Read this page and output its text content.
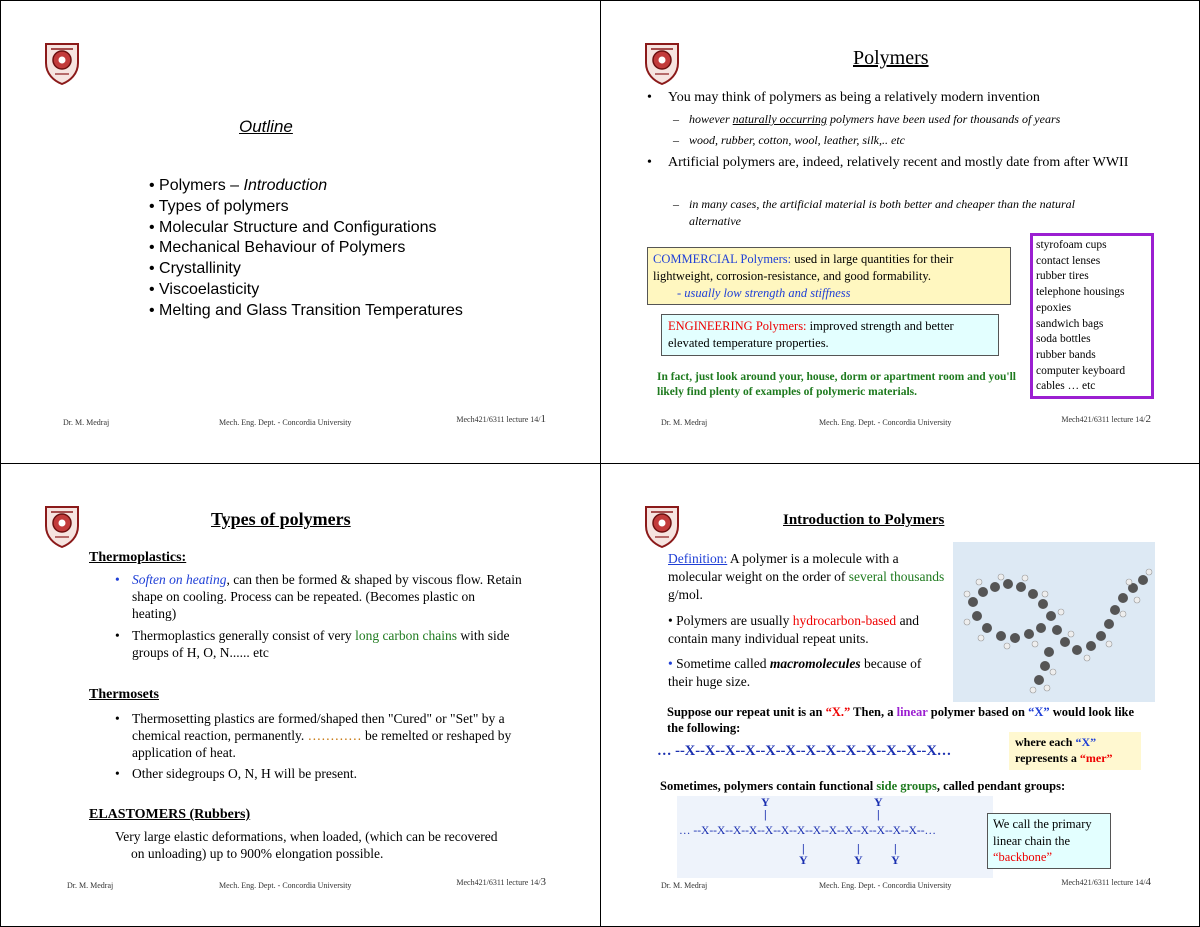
Outline
• Polymers – Introduction
• Types of polymers
• Molecular Structure and Configurations
• Mechanical Behaviour of Polymers
• Crystallinity
• Viscoelasticity
• Melting and Glass Transition Temperatures
Dr. M. Medraj	Mech. Eng. Dept. - Concordia University	Mech421/6311 lecture 14/1
Polymers
• You may think of polymers as being a relatively modern invention
– however naturally occurring polymers have been used for thousands of years
– wood, rubber, cotton, wool, leather, silk,.. etc
• Artificial polymers are, indeed, relatively recent and mostly date from after WWII
– in many cases, the artificial material is both better and cheaper than the natural alternative
COMMERCIAL Polymers: used in large quantities for their lightweight, corrosion-resistance, and good formability.
- usually low strength and stiffness
ENGINEERING Polymers: improved strength and better elevated temperature properties.
In fact, just look around your, house, dorm or apartment room and you'll likely find plenty of examples of polymeric materials.
styrofoam cups
contact lenses
rubber tires
telephone housings
epoxies
sandwich bags
soda bottles
rubber bands
computer keyboard
cables … etc
Dr. M. Medraj	Mech. Eng. Dept. - Concordia University	Mech421/6311 lecture 14/2
Types of polymers
Thermoplastics:
• Soften on heating, can then be formed & shaped by viscous flow. Retain shape on cooling. Process can be repeated. (Becomes plastic on heating)
• Thermoplastics generally consist of very long carbon chains with side groups of H, O, N...... etc
Thermosets
• Thermosetting plastics are formed/shaped then "Cured" or "Set" by a chemical reaction, permanently. ………… be remelted or reshaped by application of heat.
• Other sidegroups O, N, H will be present.
ELASTOMERS (Rubbers)
Very large elastic deformations, when loaded, (which can be recovered on unloading) up to 900% elongation possible.
Dr. M. Medraj	Mech. Eng. Dept. - Concordia University	Mech421/6311 lecture 14/3
Introduction to Polymers
Definition: A polymer is a molecule with a molecular weight on the order of several thousands g/mol.
• Polymers are usually hydrocarbon-based and contain many individual repeat units.
• Sometime called macromolecules because of their huge size.
Suppose our repeat unit is an “X.” Then, a linear polymer based on “X” would look like the following:
… --X--X--X--X--X--X--X--X--X--X--X--X--X…
where each “X” represents a “mer”
Sometimes, polymers contain functional side groups, called pendant groups:
Y
|
Y
|
… --X--X--X--X--X--X--X--X--X--X--X--X--X--X--…
|
Y
|
Y
|
Y
We call the primary linear chain the “backbone”
Dr. M. Medraj	Mech. Eng. Dept. - Concordia University	Mech421/6311 lecture 14/4
